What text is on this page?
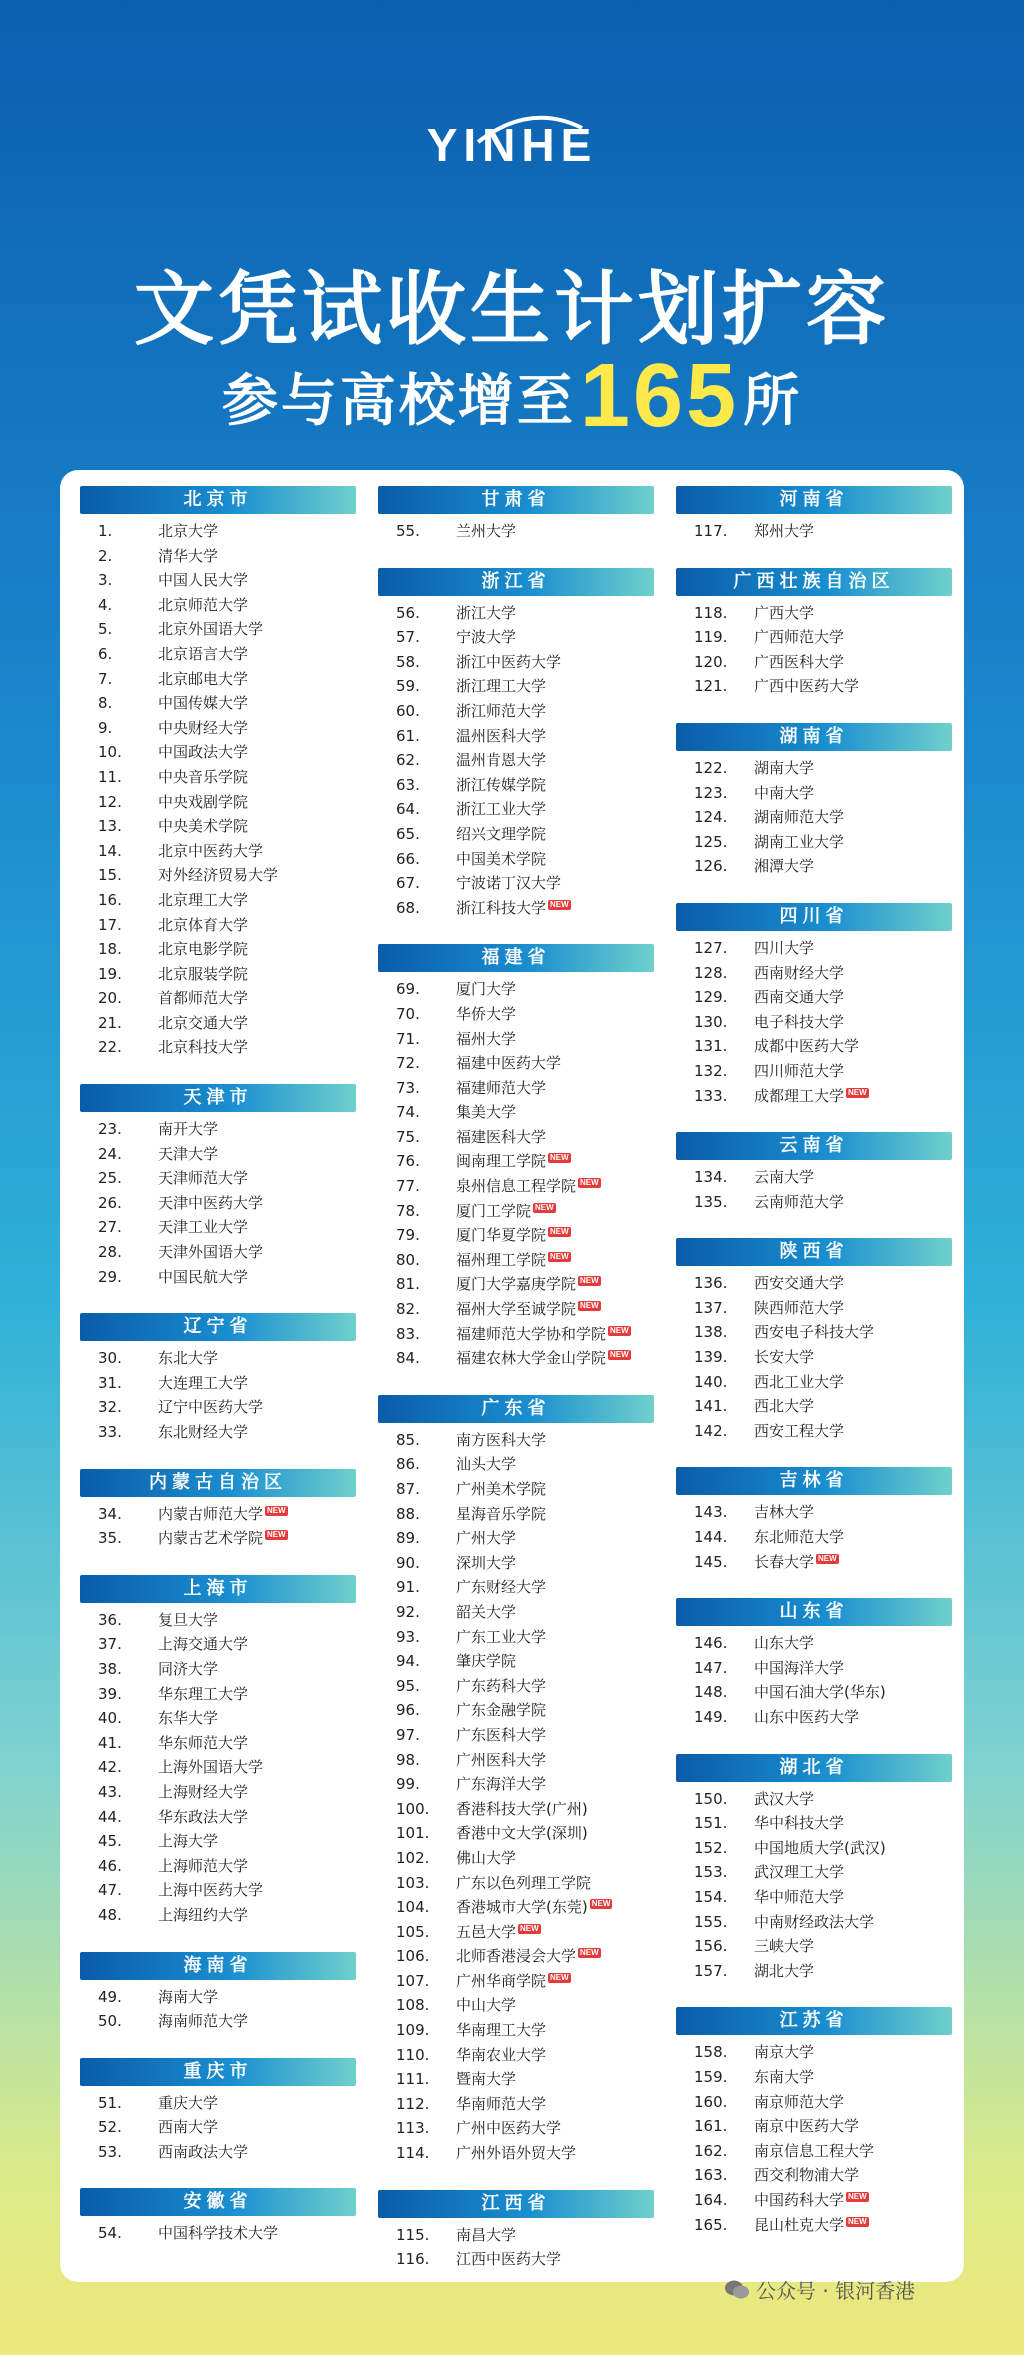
YINHE
文凭试收生计划扩容
参与高校增至165所
北京市
1.	北京大学
2.	清华大学
3.	中国人民大学
4.	北京师范大学
5.	北京外国语大学
6.	北京语言大学
7.	北京邮电大学
8.	中国传媒大学
9.	中央财经大学
10. 中国政法大学
11. 中央音乐学院
12. 中央戏剧学院
13. 中央美术学院
14. 北京中医药大学
15. 对外经济贸易大学
16. 北京理工大学
17. 北京体育大学
18. 北京电影学院
19. 北京服装学院
20. 首都师范大学
21. 北京交通大学
22. 北京科技大学
天津市
23. 南开大学
24. 天津大学
25. 天津师范大学
26. 天津中医药大学
27. 天津工业大学
28. 天津外国语大学
29. 中国民航大学
辽宁省
30. 东北大学
31. 大连理工大学
32. 辽宁中医药大学
33. 东北财经大学
内蒙古自治区
34. 内蒙古师范大学 NEW
35. 内蒙古艺术学院 NEW
上海市
36. 复旦大学
37. 上海交通大学
38. 同济大学
39. 华东理工大学
40. 东华大学
41. 华东师范大学
42. 上海外国语大学
43. 上海财经大学
44. 华东政法大学
45. 上海大学
46. 上海师范大学
47. 上海中医药大学
48. 上海纽约大学
海南省
49. 海南大学
50. 海南师范大学
重庆市
51. 重庆大学
52. 西南大学
53. 西南政法大学
安徽省
54. 中国科学技术大学
甘肃省
55. 兰州大学
浙江省
56. 浙江大学
57. 宁波大学
58. 浙江中医药大学
59. 浙江理工大学
60. 浙江师范大学
61. 温州医科大学
62. 温州肯恩大学
63. 浙江传媒学院
64. 浙江工业大学
65. 绍兴文理学院
66. 中国美术学院
67. 宁波诺丁汉大学
68. 浙江科技大学 NEW
福建省
69. 厦门大学
70. 华侨大学
71. 福州大学
72. 福建中医药大学
73. 福建师范大学
74. 集美大学
75. 福建医科大学
76. 闽南理工学院 NEW
77. 泉州信息工程学院 NEW
78. 厦门工学院 NEW
79. 厦门华夏学院 NEW
80. 福州理工学院 NEW
81. 厦门大学嘉庚学院 NEW
82. 福州大学至诚学院 NEW
83. 福建师范大学协和学院 NEW
84. 福建农林大学金山学院 NEW
广东省
85. 南方医科大学
86. 汕头大学
87. 广州美术学院
88. 星海音乐学院
89. 广州大学
90. 深圳大学
91. 广东财经大学
92. 韶关大学
93. 广东工业大学
94. 肇庆学院
95. 广东药科大学
96. 广东金融学院
97. 广东医科大学
98. 广州医科大学
99. 广东海洋大学
100. 香港科技大学(广州)
101. 香港中文大学(深圳)
102. 佛山大学
103. 广东以色列理工学院
104. 香港城市大学(东莞) NEW
105. 五邑大学 NEW
106. 北师香港浸会大学 NEW
107. 广州华商学院 NEW
108. 中山大学
109. 华南理工大学
110. 华南农业大学
111. 暨南大学
112. 华南师范大学
113. 广州中医药大学
114. 广州外语外贸大学
江西省
115. 南昌大学
116. 江西中医药大学
河南省
117. 郑州大学
广西壮族自治区
118. 广西大学
119. 广西师范大学
120. 广西医科大学
121. 广西中医药大学
湖南省
122. 湖南大学
123. 中南大学
124. 湖南师范大学
125. 湖南工业大学
126. 湘潭大学
四川省
127. 四川大学
128. 西南财经大学
129. 西南交通大学
130. 电子科技大学
131. 成都中医药大学
132. 四川师范大学
133. 成都理工大学 NEW
云南省
134. 云南大学
135. 云南师范大学
陕西省
136. 西安交通大学
137. 陕西师范大学
138. 西安电子科技大学
139. 长安大学
140. 西北工业大学
141. 西北大学
142. 西安工程大学
吉林省
143. 吉林大学
144. 东北师范大学
145. 长春大学 NEW
山东省
146. 山东大学
147. 中国海洋大学
148. 中国石油大学(华东)
149. 山东中医药大学
湖北省
150. 武汉大学
151. 华中科技大学
152. 中国地质大学(武汉)
153. 武汉理工大学
154. 华中师范大学
155. 中南财经政法大学
156. 三峡大学
157. 湖北大学
江苏省
158. 南京大学
159. 东南大学
160. 南京师范大学
161. 南京中医药大学
162. 南京信息工程大学
163. 西交利物浦大学
164. 中国药科大学 NEW
165. 昆山杜克大学 NEW
公众号 · 银河香港
